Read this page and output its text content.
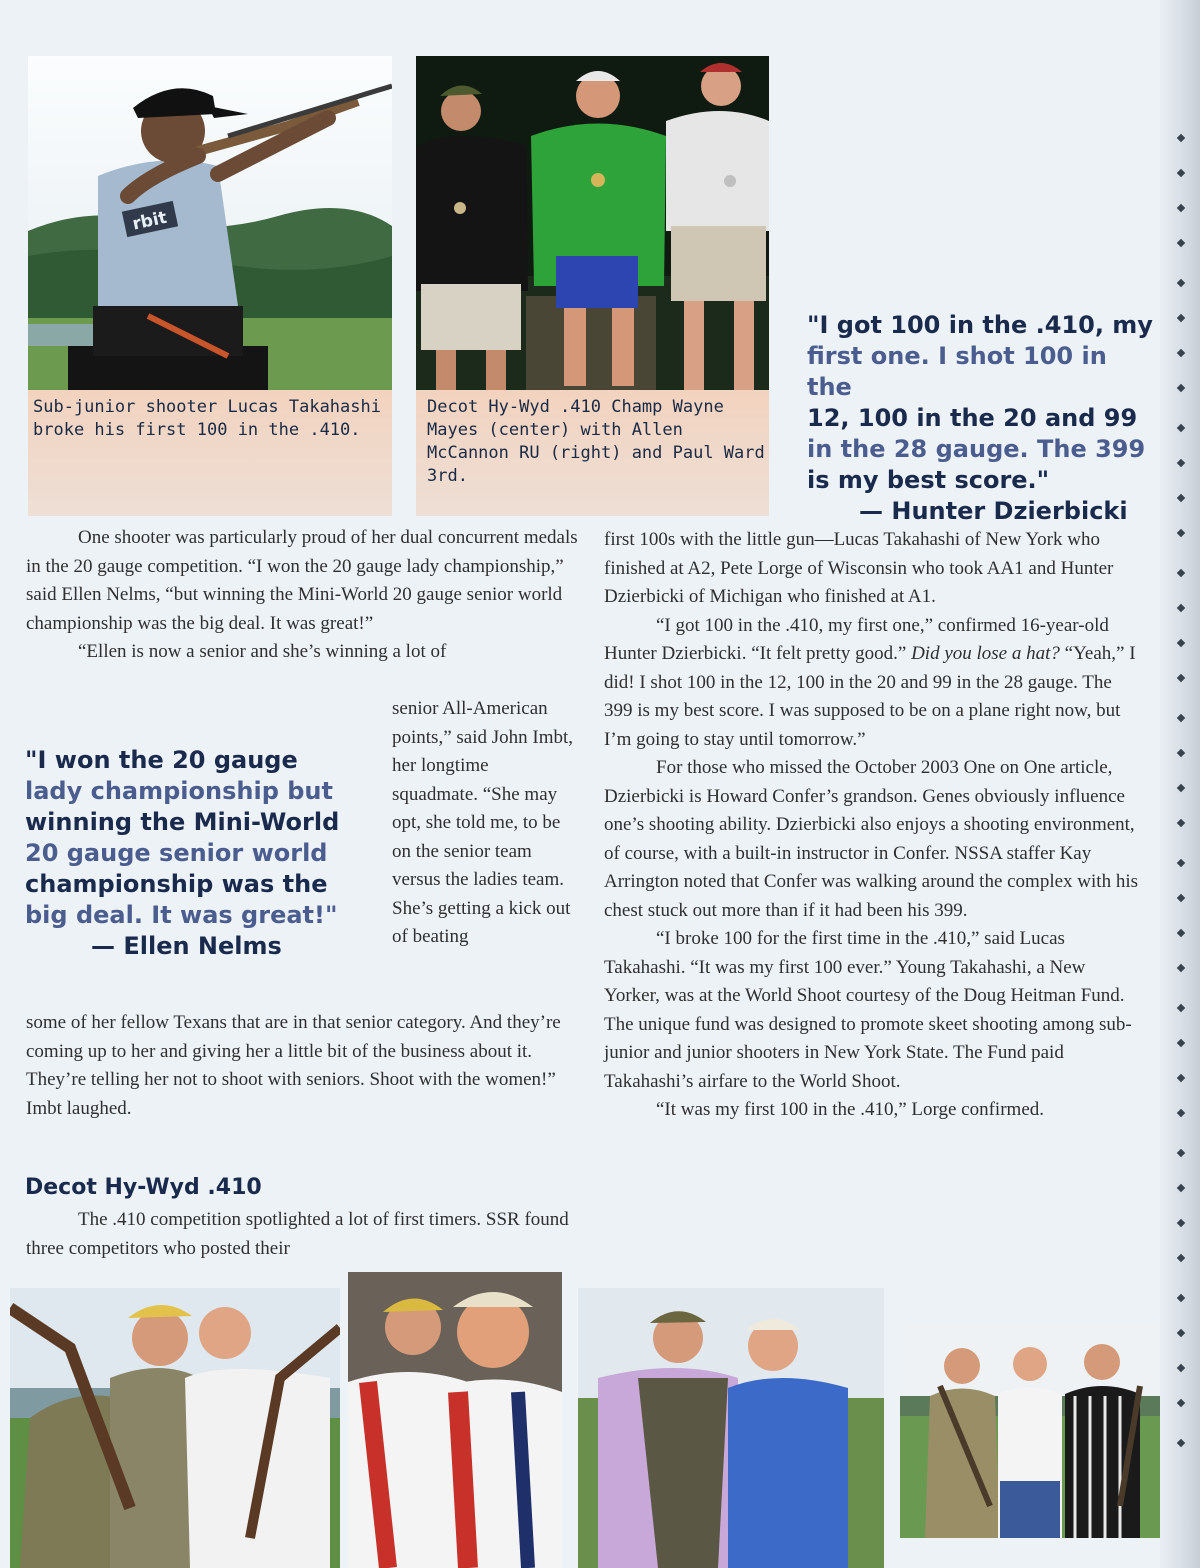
rbit
Sub-junior shooter Lucas Takahashi broke his first 100 in the .410.
Decot Hy-Wyd .410 Champ Wayne Mayes (center) with Allen McCannon RU (right) and Paul Ward 3rd.
"I got 100 in the .410, my
first one. I shot 100 in the
12, 100 in the 20 and 99
in the 28 gauge. The 399
is my best score."
— Hunter Dzierbicki

One shooter was particularly proud of her dual concurrent medals in the 20 gauge competition. “I won the 20 gauge lady championship,” said Ellen Nelms, “but winning the Mini-World 20 gauge senior world championship was the big deal. It was great!”

“Ellen is now a senior and she’s winning a lot of

"I won the 20 gauge
lady championship but
winning the Mini-World
20 gauge senior world
championship was the
big deal. It was great!"
— Ellen Nelms

senior All-American points,” said John Imbt, her longtime squadmate. “She may opt, she told me, to be on the senior team versus the ladies team. She’s getting a kick out of beating

some of her fellow Texans that are in that senior category. And they’re coming up to her and giving her a little bit of the business about it. They’re telling her not to shoot with seniors. Shoot with the women!” Imbt laughed.

Decot Hy-Wyd .410

The .410 competition spotlighted a lot of first timers. SSR found three competitors who posted their

first 100s with the little gun—Lucas Takahashi of New York who finished at A2, Pete Lorge of Wisconsin who took AA1 and Hunter Dzierbicki of Michigan who finished at A1.

“I got 100 in the .410, my first one,” confirmed 16-year-old Hunter Dzierbicki. “It felt pretty good.” Did you lose a hat? “Yeah,” I did! I shot 100 in the 12, 100 in the 20 and 99 in the 28 gauge. The 399 is my best score. I was supposed to be on a plane right now, but I’m going to stay until tomorrow.”

For those who missed the October 2003 One on One article, Dzierbicki is Howard Confer’s grandson. Genes obviously influence one’s shooting ability. Dzierbicki also enjoys a shooting environment, of course, with a built-in instructor in Confer. NSSA staffer Kay Arrington noted that Confer was walking around the complex with his chest stuck out more than if it had been his 399.

“I broke 100 for the first time in the .410,” said Lucas Takahashi. “It was my first 100 ever.” Young Takahashi, a New Yorker, was at the World Shoot courtesy of the Doug Heitman Fund. The unique fund was designed to promote skeet shooting among sub-junior and junior shooters in New York State. The Fund paid Takahashi’s airfare to the World Shoot.

“It was my first 100 in the .410,” Lorge confirmed.
